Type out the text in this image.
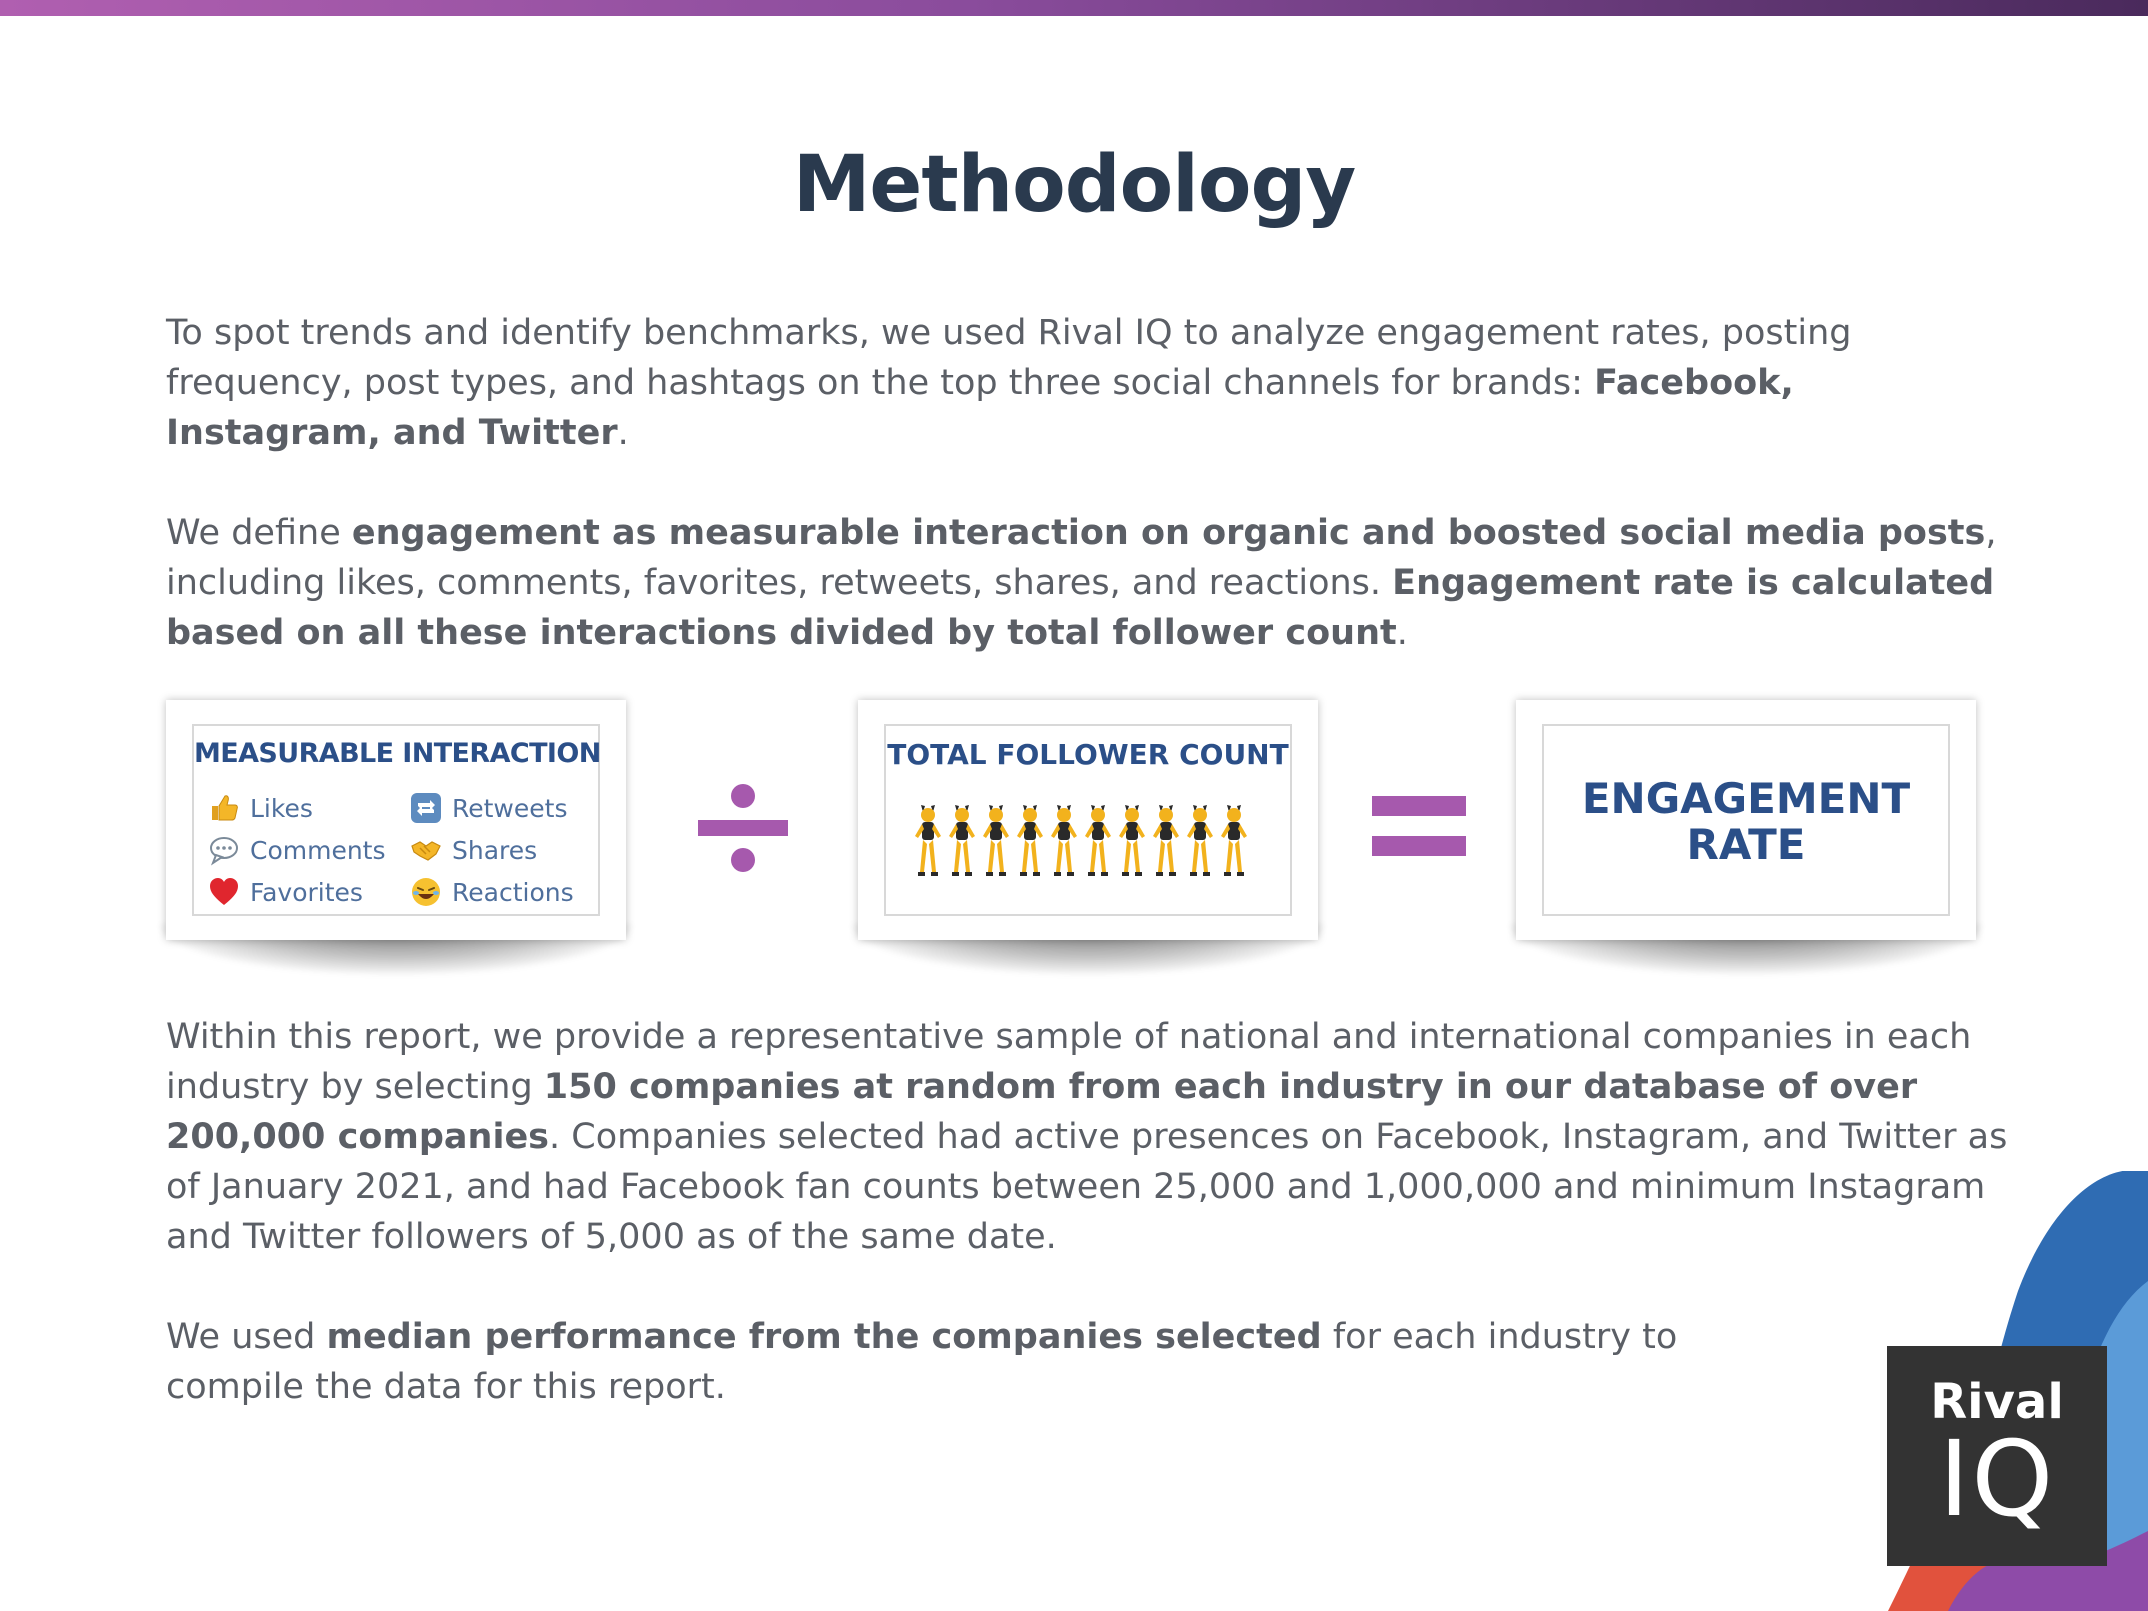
Methodology

To spot trends and identify benchmarks, we used Rival IQ to analyze engagement rates, posting frequency, post types, and hashtags on the top three social channels for brands: Facebook, Instagram, and Twitter.

We define engagement as measurable interaction on organic and boosted social media posts, including likes, comments, favorites, retweets, shares, and reactions. Engagement rate is calculated based on all these interactions divided by total follower count.

MEASURABLE INTERACTION
Likes	Retweets
Comments	Shares
Favorites	Reactions
TOTAL FOLLOWER COUNT
ENGAGEMENT
RATE

Within this report, we provide a representative sample of national and international companies in each industry by selecting 150 companies at random from each industry in our database of over 200,000 companies. Companies selected had active presences on Facebook, Instagram, and Twitter as of January 2021, and had Facebook fan counts between 25,000 and 1,000,000 and minimum Instagram and Twitter followers of 5,000 as of the same date.

We used median performance from the companies selected for each industry to compile the data for this report.	Rival
IQ
